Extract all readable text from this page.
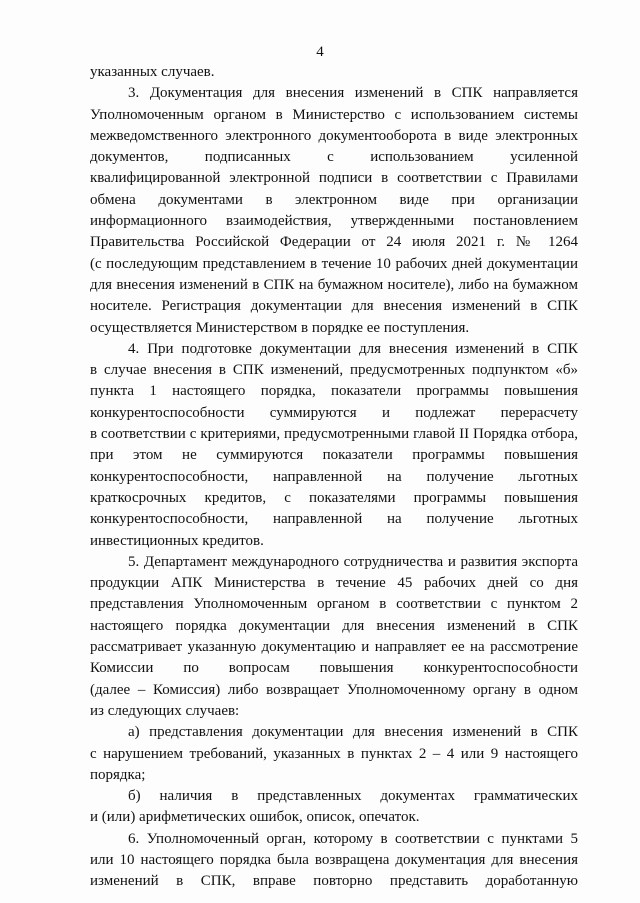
4
указанных случаев.
3. Документация для внесения изменений в СПК направляется
Уполномоченным органом в Министерство с использованием системы
межведомственного электронного документооборота в виде электронных
документов, подписанных с использованием усиленной
квалифицированной электронной подписи в соответствии с Правилами
обмена документами в электронном виде при организации
информационного взаимодействия, утвержденными постановлением
Правительства Российской Федерации от 24 июля 2021 г. № 1264
(с последующим представлением в течение 10 рабочих дней документации
для внесения изменений в СПК на бумажном носителе), либо на бумажном
носителе. Регистрация документации для внесения изменений в СПК
осуществляется Министерством в порядке ее поступления.
4. При подготовке документации для внесения изменений в СПК
в случае внесения в СПК изменений, предусмотренных подпунктом «б»
пункта 1 настоящего порядка, показатели программы повышения
конкурентоспособности суммируются и подлежат перерасчету
в соответствии с критериями, предусмотренными главой II Порядка отбора,
при этом не суммируются показатели программы повышения
конкурентоспособности, направленной на получение льготных
краткосрочных кредитов, с показателями программы повышения
конкурентоспособности, направленной на получение льготных
инвестиционных кредитов.
5. Департамент международного сотрудничества и развития экспорта
продукции АПК Министерства в течение 45 рабочих дней со дня
представления Уполномоченным органом в соответствии с пунктом 2
настоящего порядка документации для внесения изменений в СПК
рассматривает указанную документацию и направляет ее на рассмотрение
Комиссии по вопросам повышения конкурентоспособности
(далее – Комиссия) либо возвращает Уполномоченному органу в одном
из следующих случаев:
а) представления документации для внесения изменений в СПК
с нарушением требований, указанных в пунктах 2 – 4 или 9 настоящего
порядка;
б) наличия в представленных документах грамматических
и (или) арифметических ошибок, описок, опечаток.
6. Уполномоченный орган, которому в соответствии с пунктами 5
или 10 настоящего порядка была возвращена документация для внесения
изменений в СПК, вправе повторно представить доработанную
